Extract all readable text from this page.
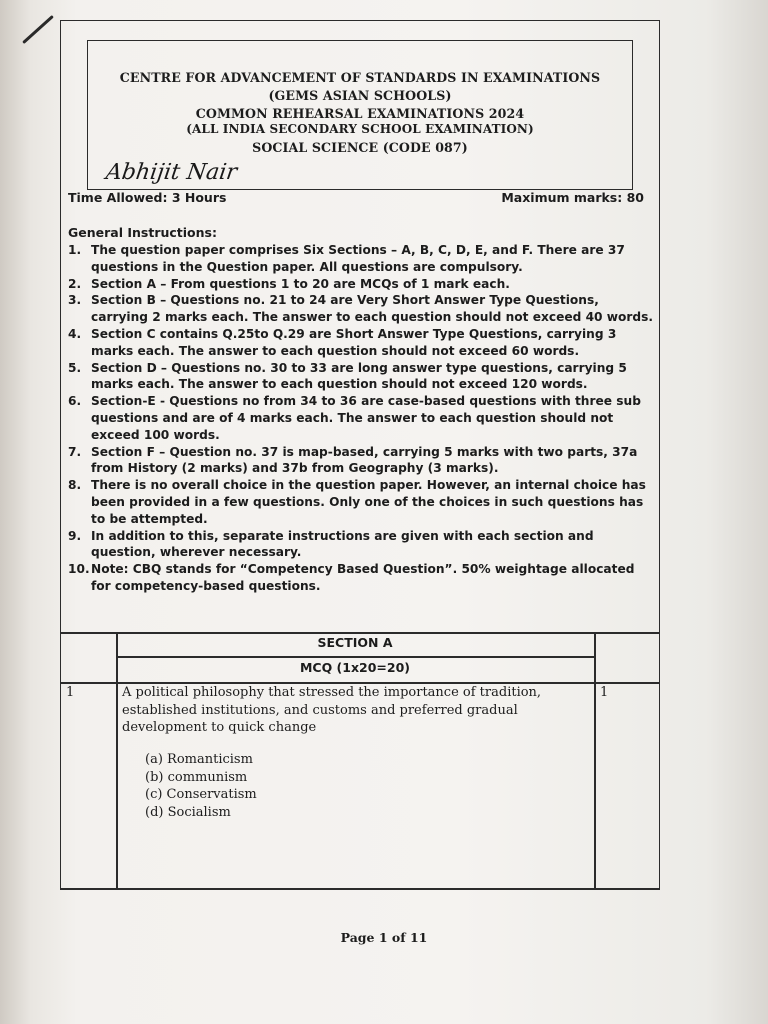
CENTRE FOR ADVANCEMENT OF STANDARDS IN EXAMINATIONS
(GEMS ASIAN SCHOOLS)
COMMON REHEARSAL EXAMINATIONS 2024
(ALL INDIA SECONDARY SCHOOL EXAMINATION)
SOCIAL SCIENCE (CODE 087)
Abhijit Nair
Time Allowed: 3 Hours	Maximum marks: 80
General Instructions:
1. The question paper comprises Six Sections – A, B, C, D, E, and F. There are 37 questions in the Question paper. All questions are compulsory.
2. Section A – From questions 1 to 20 are MCQs of 1 mark each.
3. Section B – Questions no. 21 to 24 are Very Short Answer Type Questions, carrying 2 marks each. The answer to each question should not exceed 40 words.
4. Section C contains Q.25to Q.29 are Short Answer Type Questions, carrying 3 marks each. The answer to each question should not exceed 60 words.
5. Section D – Questions no. 30 to 33 are long answer type questions, carrying 5 marks each. The answer to each question should not exceed 120 words.
6. Section-E - Questions no from 34 to 36 are case-based questions with three sub questions and are of 4 marks each. The answer to each question should not exceed 100 words.
7. Section F – Question no. 37 is map-based, carrying 5 marks with two parts, 37a from History (2 marks) and 37b from Geography (3 marks).
8. There is no overall choice in the question paper. However, an internal choice has been provided in a few questions. Only one of the choices in such questions has to be attempted.
9. In addition to this, separate instructions are given with each section and question, wherever necessary.
10. Note: CBQ stands for “Competency Based Question”. 50% weightage allocated for competency-based questions.
SECTION A
MCQ (1x20=20)
1	A political philosophy that stressed the importance of tradition, established institutions, and customs and preferred gradual development to quick change
1
(a) Romanticism
(b) communism
(c) Conservatism
(d) Socialism
Page 1 of 11
